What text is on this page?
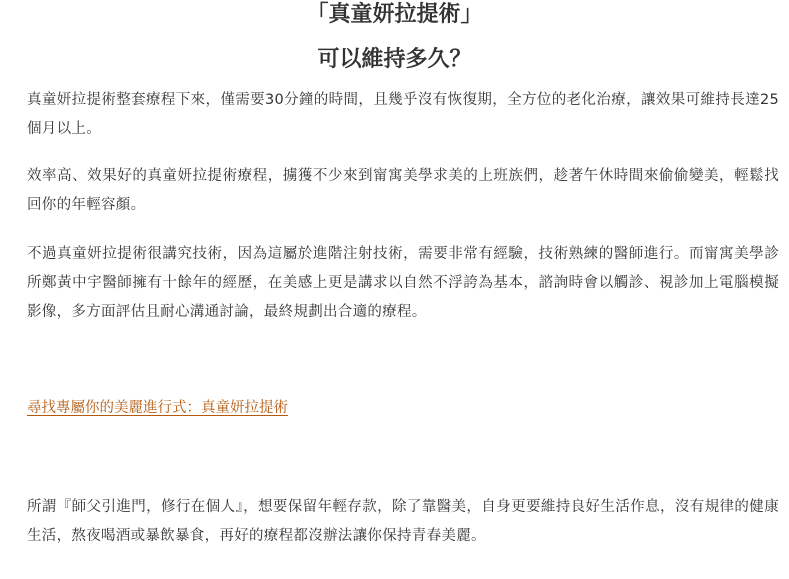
「真童妍拉提術」
可以維持多久？

真童妍拉提術整套療程下來，僅需要30分鐘的時間，且幾乎沒有恢復期，全方位的老化治療，讓效果可維持長達25個月以上。

效率高、效果好的真童妍拉提術療程，擄獲不少來到甯寓美學求美的上班族們，趁著午休時間來偷偷變美，輕鬆找回你的年輕容顏。

不過真童妍拉提術很講究技術，因為這屬於進階注射技術，需要非常有經驗，技術熟練的醫師進行。而甯寓美學診所鄭黃中宇醫師擁有十餘年的經歷，在美感上更是講求以自然不浮誇為基本，諮詢時會以觸診、視診加上電腦模擬影像，多方面評估且耐心溝通討論，最終規劃出合適的療程。

尋找專屬你的美麗進行式：真童妍拉提術

所謂『師父引進門，修行在個人』，想要保留年輕存款，除了靠醫美，自身更要維持良好生活作息，沒有規律的健康生活，熬夜喝酒或暴飲暴食，再好的療程都沒辦法讓你保持青春美麗。
